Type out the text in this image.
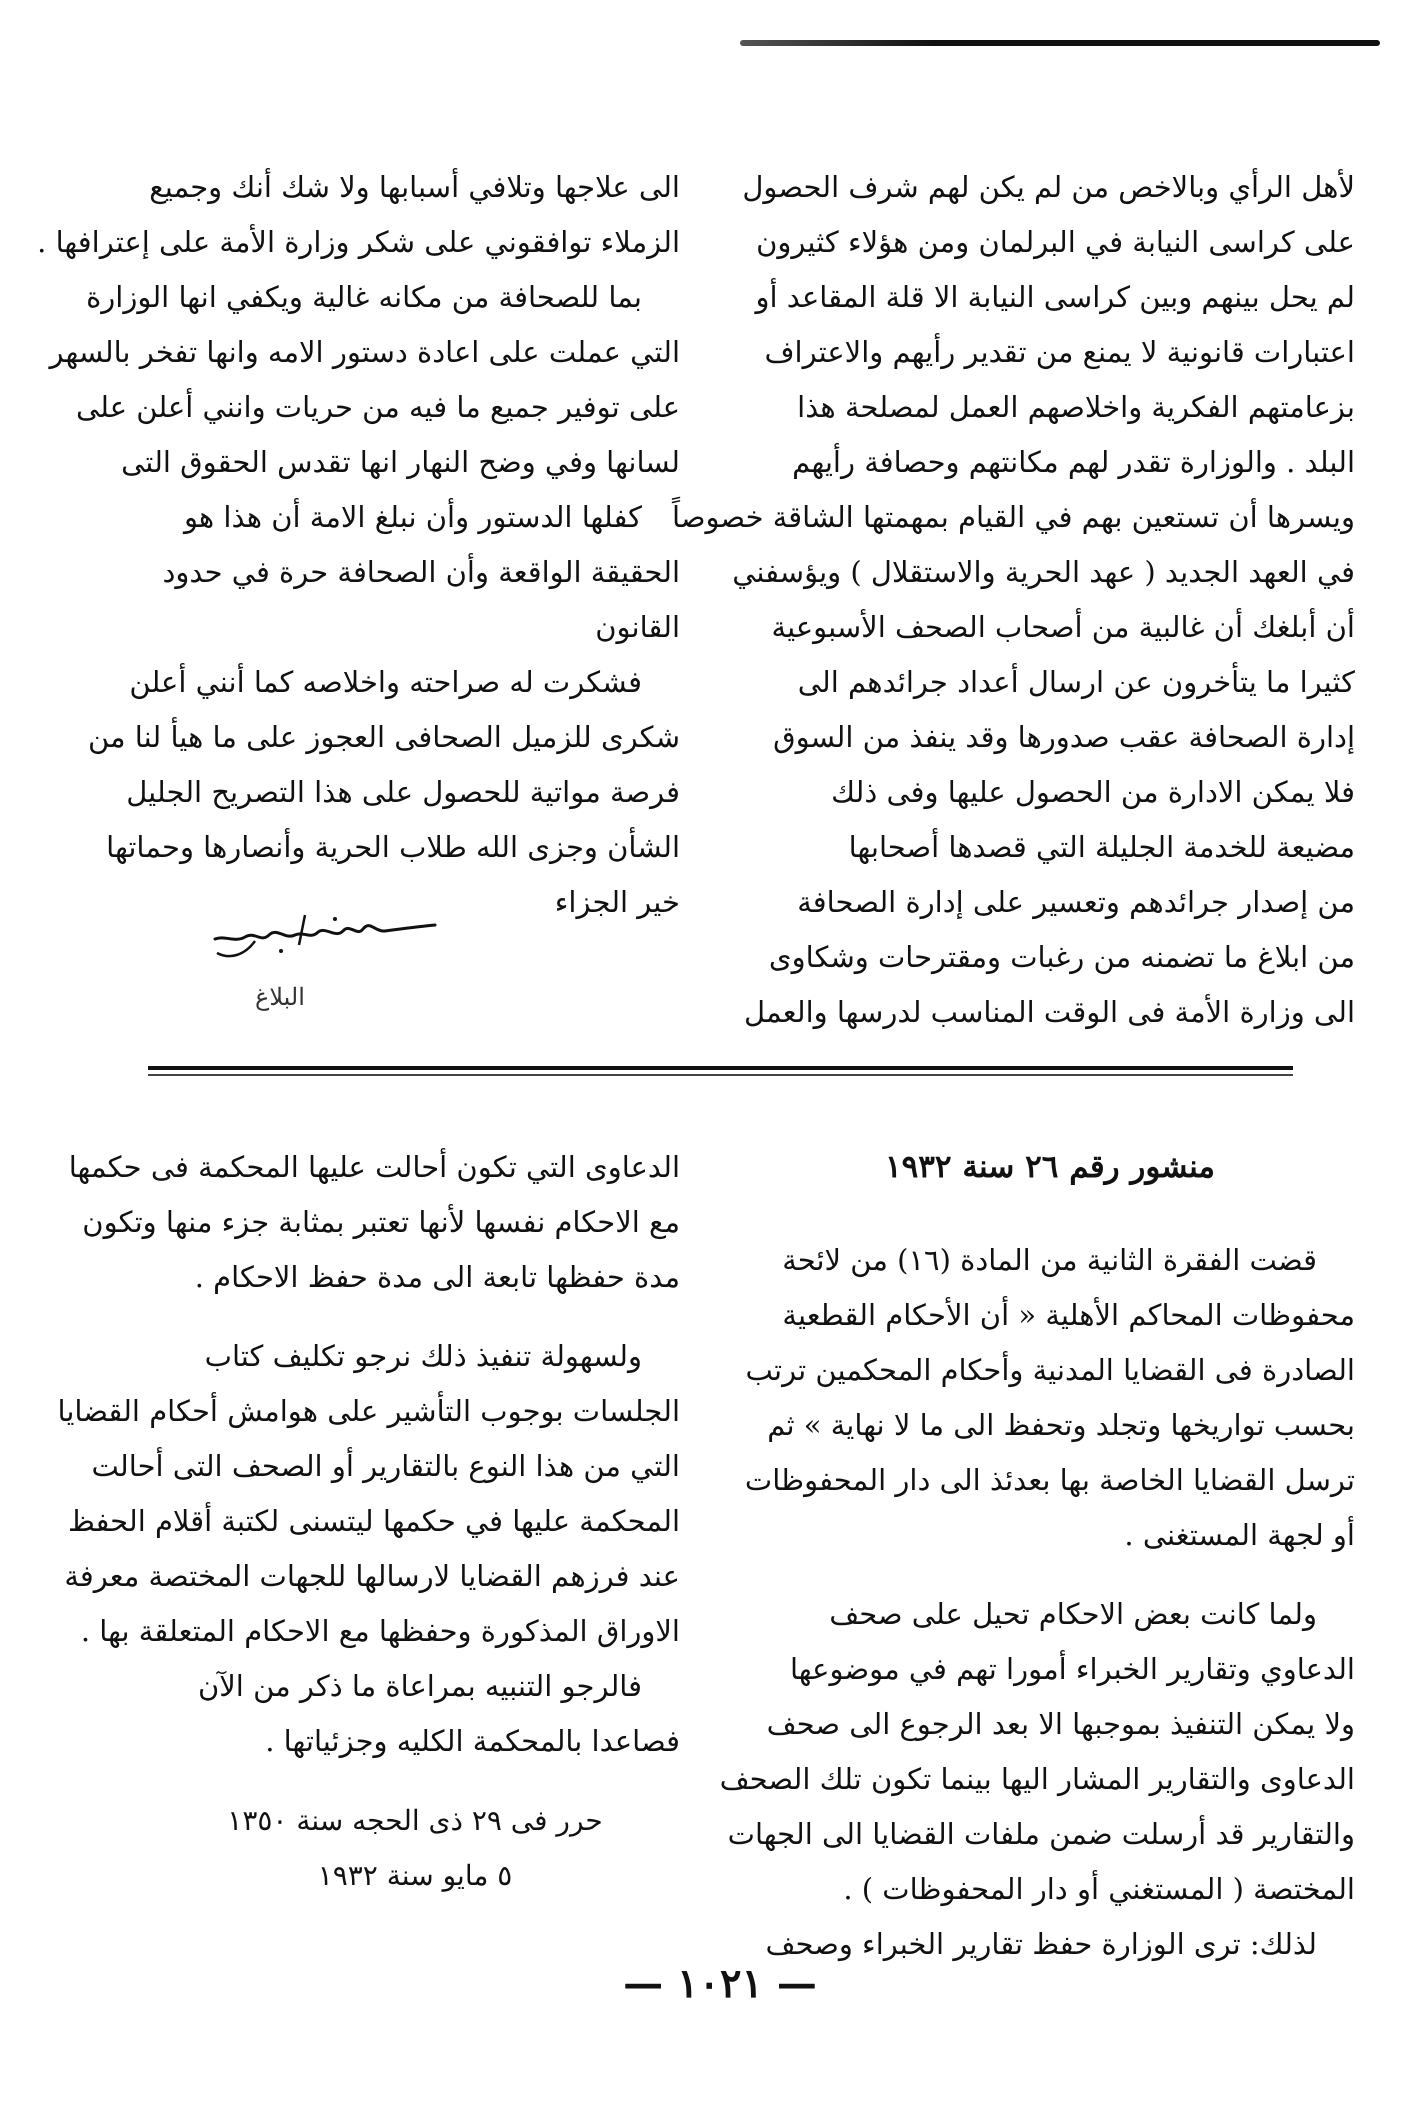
لأهل الرأي وبالاخص من لم يكن لهم شرف الحصول
على كراسى النيابة في البرلمان ومن هؤلاء كثيرون
لم يحل بينهم وبين كراسى النيابة الا قلة المقاعد أو
اعتبارات قانونية لا يمنع من تقدير رأيهم والاعتراف
بزعامتهم الفكرية واخلاصهم العمل لمصلحة هذا
البلد . والوزارة تقدر لهم مكانتهم وحصافة رأيهم
ويسرها أن تستعين بهم في القيام بمهمتها الشاقة خصوصاً
في العهد الجديد ( عهد الحرية والاستقلال ) ويؤسفني
أن أبلغك أن غالبية من أصحاب الصحف الأسبوعية
كثيرا ما يتأخرون عن ارسال أعداد جرائدهم الى
إدارة الصحافة عقب صدورها وقد ينفذ من السوق
فلا يمكن الادارة من الحصول عليها وفى ذلك
مضيعة للخدمة الجليلة التي قصدها أصحابها
من إصدار جرائدهم وتعسير على إدارة الصحافة
من ابلاغ ما تضمنه من رغبات ومقترحات وشكاوى
الى وزارة الأمة فى الوقت المناسب لدرسها والعمل
الى علاجها وتلافي أسبابها ولا شك أنك وجميع
الزملاء توافقوني على شكر وزارة الأمة على إعترافها .
بما للصحافة من مكانه غالية ويكفي انها الوزارة
التي عملت على اعادة دستور الامه وانها تفخر بالسهر
على توفير جميع ما فيه من حريات وانني أعلن على
لسانها وفي وضح النهار انها تقدس الحقوق التى
كفلها الدستور وأن نبلغ الامة أن هذا هو
الحقيقة الواقعة وأن الصحافة حرة في حدود
القانون
فشكرت له صراحته واخلاصه كما أنني أعلن
شكرى للزميل الصحافى العجوز على ما هيأ لنا من
فرصة مواتية للحصول على هذا التصريح الجليل
الشأن وجزى الله طلاب الحرية وأنصارها وحماتها
خير الجزاء
البلاغ
منشور رقم ٢٦ سنة ١٩٣٢
قضت الفقرة الثانية من المادة (١٦) من لائحة
محفوظات المحاكم الأهلية « أن الأحكام القطعية
الصادرة فى القضايا المدنية وأحكام المحكمين ترتب
بحسب تواريخها وتجلد وتحفظ الى ما لا نهاية » ثم
ترسل القضايا الخاصة بها بعدئذ الى دار المحفوظات
أو لجهة المستغنى .
ولما كانت بعض الاحكام تحيل على صحف
الدعاوي وتقارير الخبراء أمورا تهم في موضوعها
ولا يمكن التنفيذ بموجبها الا بعد الرجوع الى صحف
الدعاوى والتقارير المشار اليها بينما تكون تلك الصحف
والتقارير قد أرسلت ضمن ملفات القضايا الى الجهات
المختصة ( المستغني أو دار المحفوظات ) .
لذلك: ترى الوزارة حفظ تقارير الخبراء وصحف
الدعاوى التي تكون أحالت عليها المحكمة فى حكمها
مع الاحكام نفسها لأنها تعتبر بمثابة جزء منها وتكون
مدة حفظها تابعة الى مدة حفظ الاحكام .
ولسهولة تنفيذ ذلك نرجو تكليف كتاب
الجلسات بوجوب التأشير على هوامش أحكام القضايا
التي من هذا النوع بالتقارير أو الصحف التى أحالت
المحكمة عليها في حكمها ليتسنى لكتبة أقلام الحفظ
عند فرزهم القضايا لارسالها للجهات المختصة معرفة
الاوراق المذكورة وحفظها مع الاحكام المتعلقة بها .
فالرجو التنبيه بمراعاة ما ذكر من الآن
فصاعدا بالمحكمة الكليه وجزئياتها .
حرر فى ٢٩ ذى الحجه سنة ١٣٥٠
٥ مايو سنة ١٩٣٢
— ١٠٢١ —
